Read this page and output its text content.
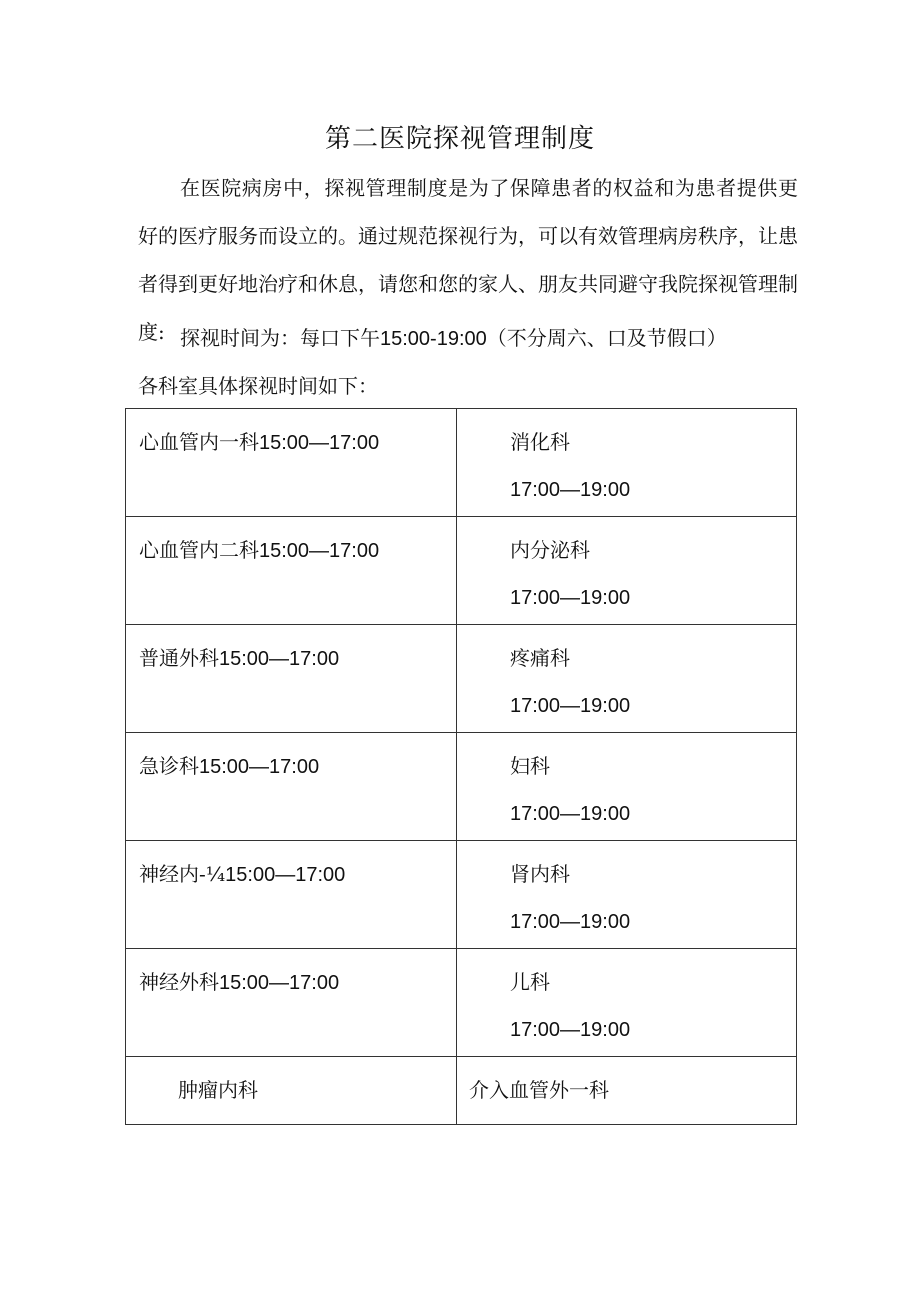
第二医院探视管理制度

在医院病房中，探视管理制度是为了保障患者的权益和为患者提供更好的医疗服务而设立的。通过规范探视行为，可以有效管理病房秩序，让患者得到更好地治疗和休息，请您和您的家人、朋友共同避守我院探视管理制度: 探视时间为：每口下午15:00-19:00（不分周六、口及节假口）

各科室具体探视时间如下：

心血管内一科15:00—17:00	消化科
17:00—19:00

心血管内二科15:00—17:00	内分泌科
17:00—19:00

普通外科15:00—17:00	疼痛科
17:00—19:00

急诊科15:00—17:00	妇科
17:00—19:00

神经内-¼15:00—17:00	肾内科
17:00—19:00

神经外科15:00—17:00	儿科
17:00—19:00

肿瘤内科	介入血管外一科
